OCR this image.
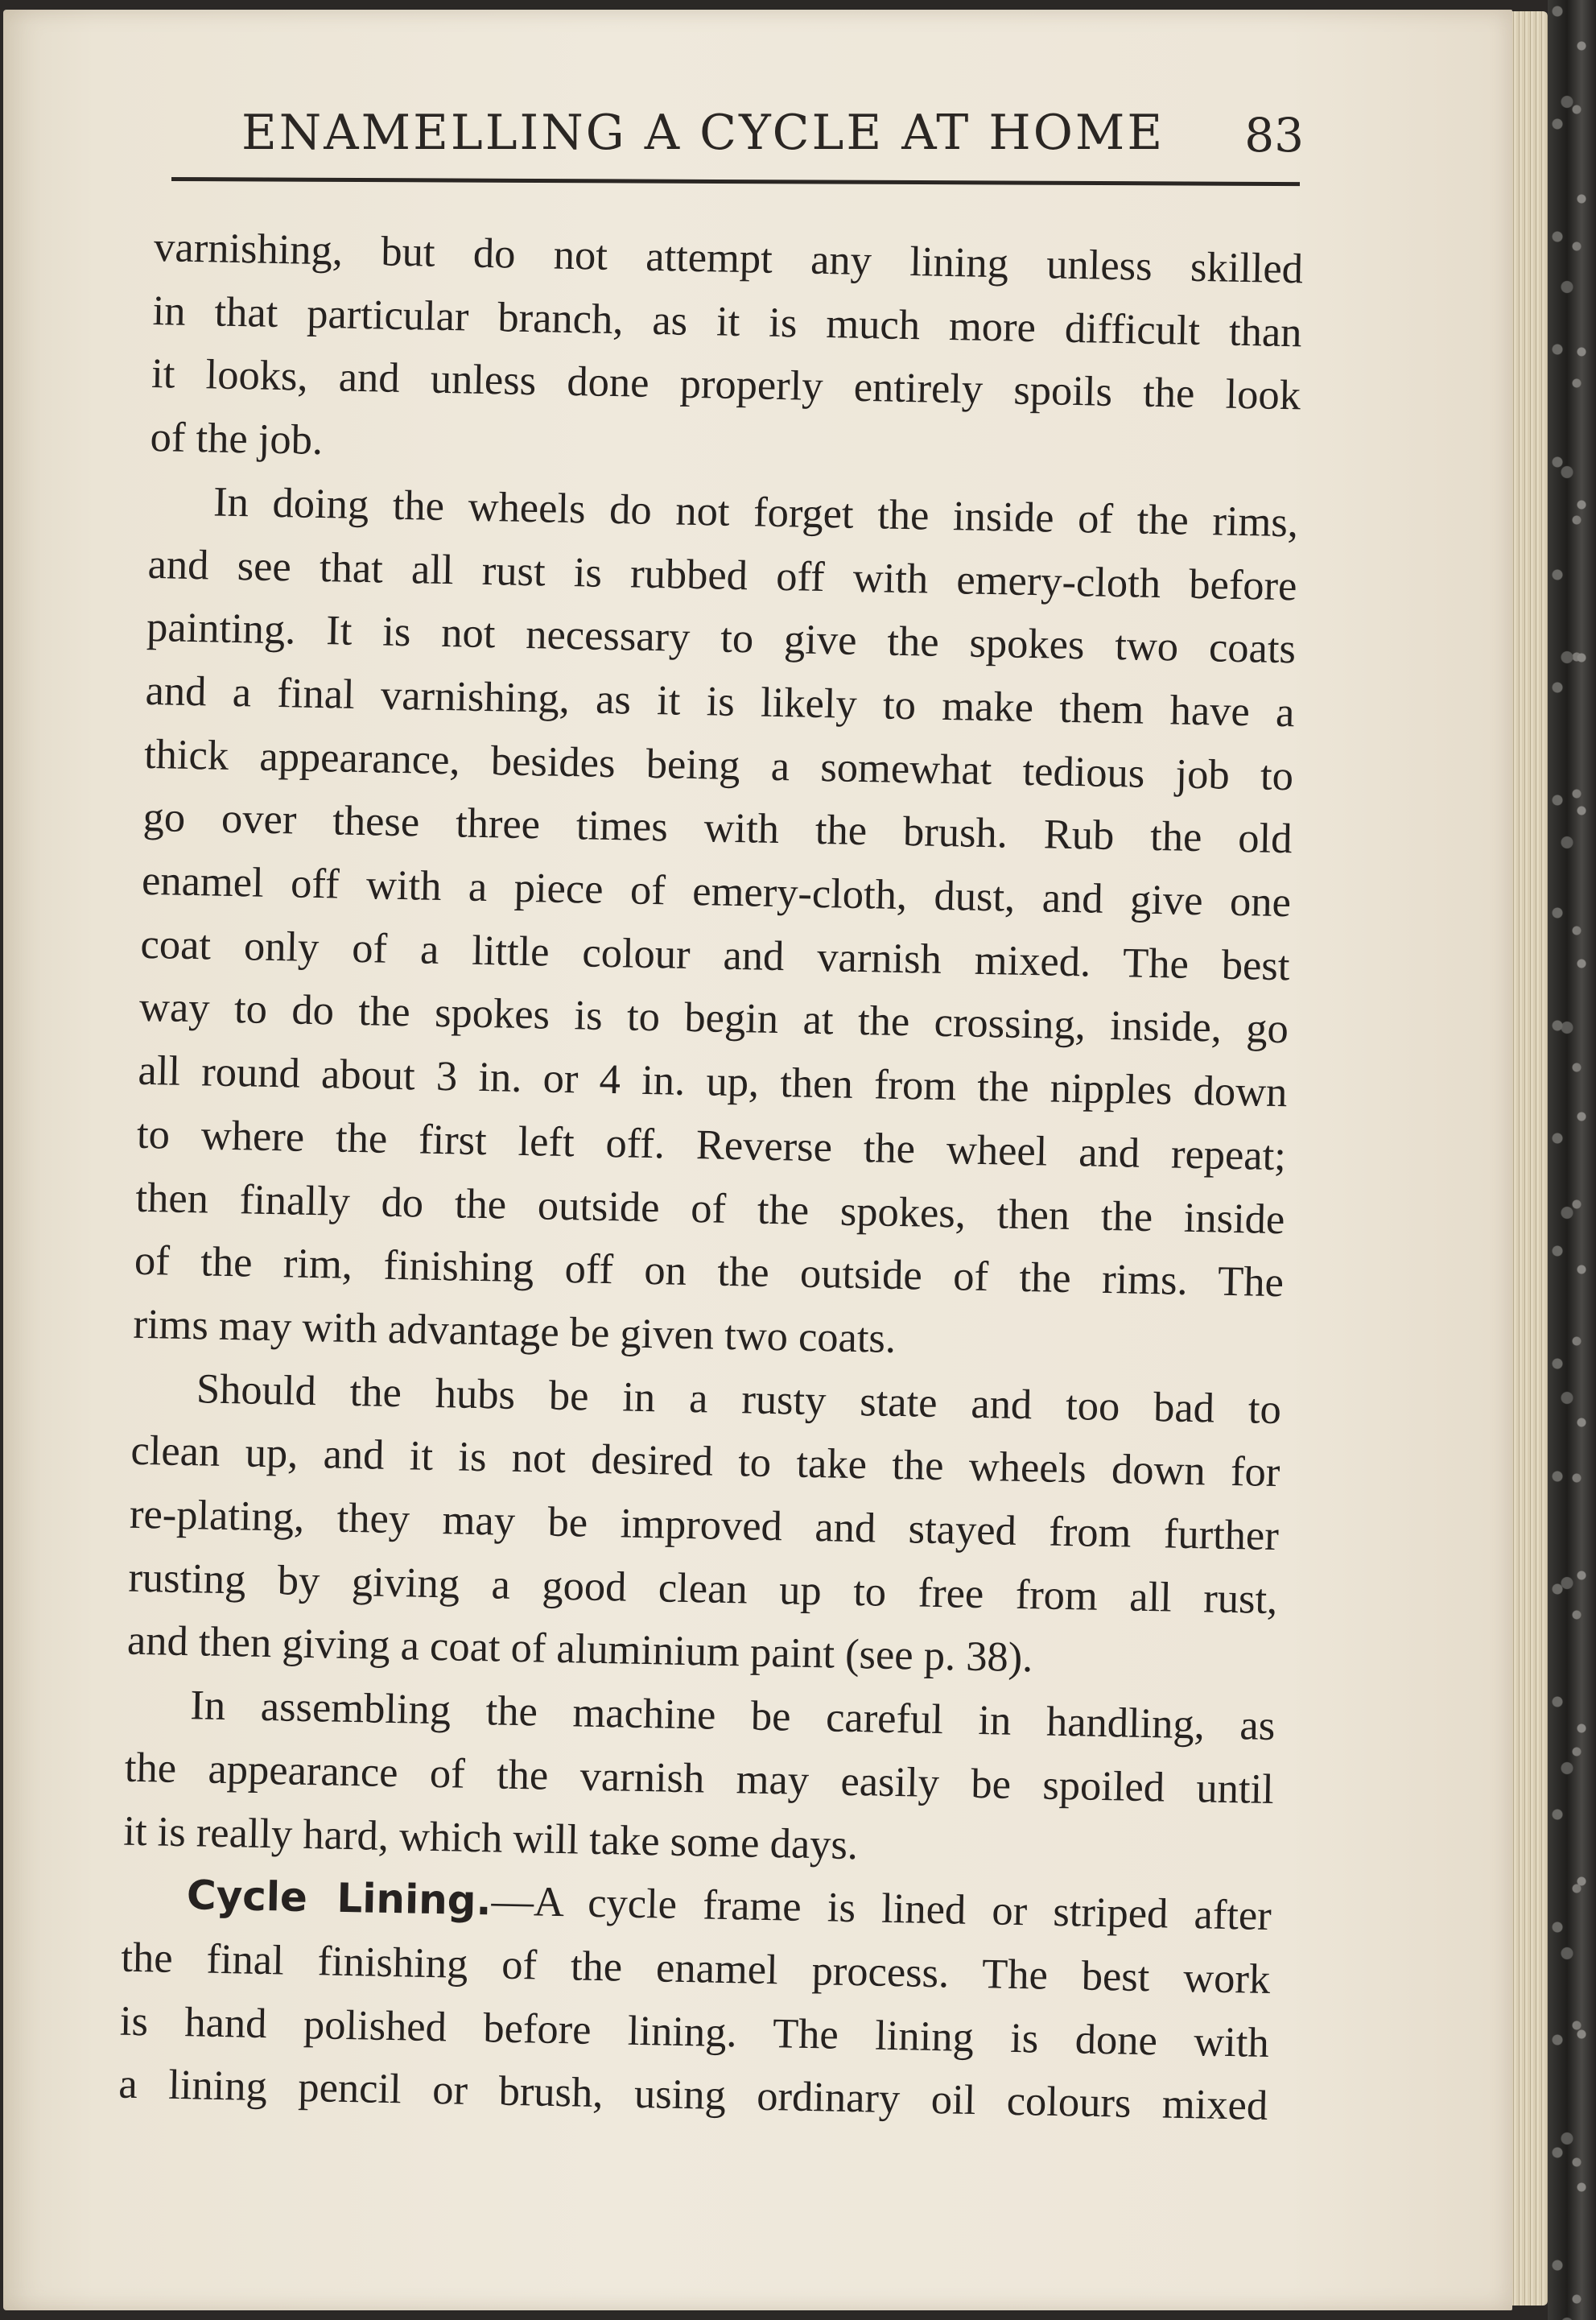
ENAMELLING A CYCLE AT HOME 83
varnishing, but do not attempt any lining unless skilled
in that particular branch, as it is much more difficult than
it looks, and unless done properly entirely spoils the look
of the job.
In doing the wheels do not forget the inside of the rims,
and see that all rust is rubbed off with emery-cloth before
painting. It is not necessary to give the spokes two coats
and a final varnishing, as it is likely to make them have a
thick appearance, besides being a somewhat tedious job to
go over these three times with the brush. Rub the old
enamel off with a piece of emery-cloth, dust, and give one
coat only of a little colour and varnish mixed. The best
way to do the spokes is to begin at the crossing, inside, go
all round about 3 in. or 4 in. up, then from the nipples down
to where the first left off. Reverse the wheel and repeat;
then finally do the outside of the spokes, then the inside
of the rim, finishing off on the outside of the rims. The
rims may with advantage be given two coats.
Should the hubs be in a rusty state and too bad to
clean up, and it is not desired to take the wheels down for
re-plating, they may be improved and stayed from further
rusting by giving a good clean up to free from all rust,
and then giving a coat of aluminium paint (see p. 38).
In assembling the machine be careful in handling, as
the appearance of the varnish may easily be spoiled until
it is really hard, which will take some days.
Cycle Lining.—A cycle frame is lined or striped after
the final finishing of the enamel process. The best work
is hand polished before lining. The lining is done with
a lining pencil or brush, using ordinary oil colours mixed
